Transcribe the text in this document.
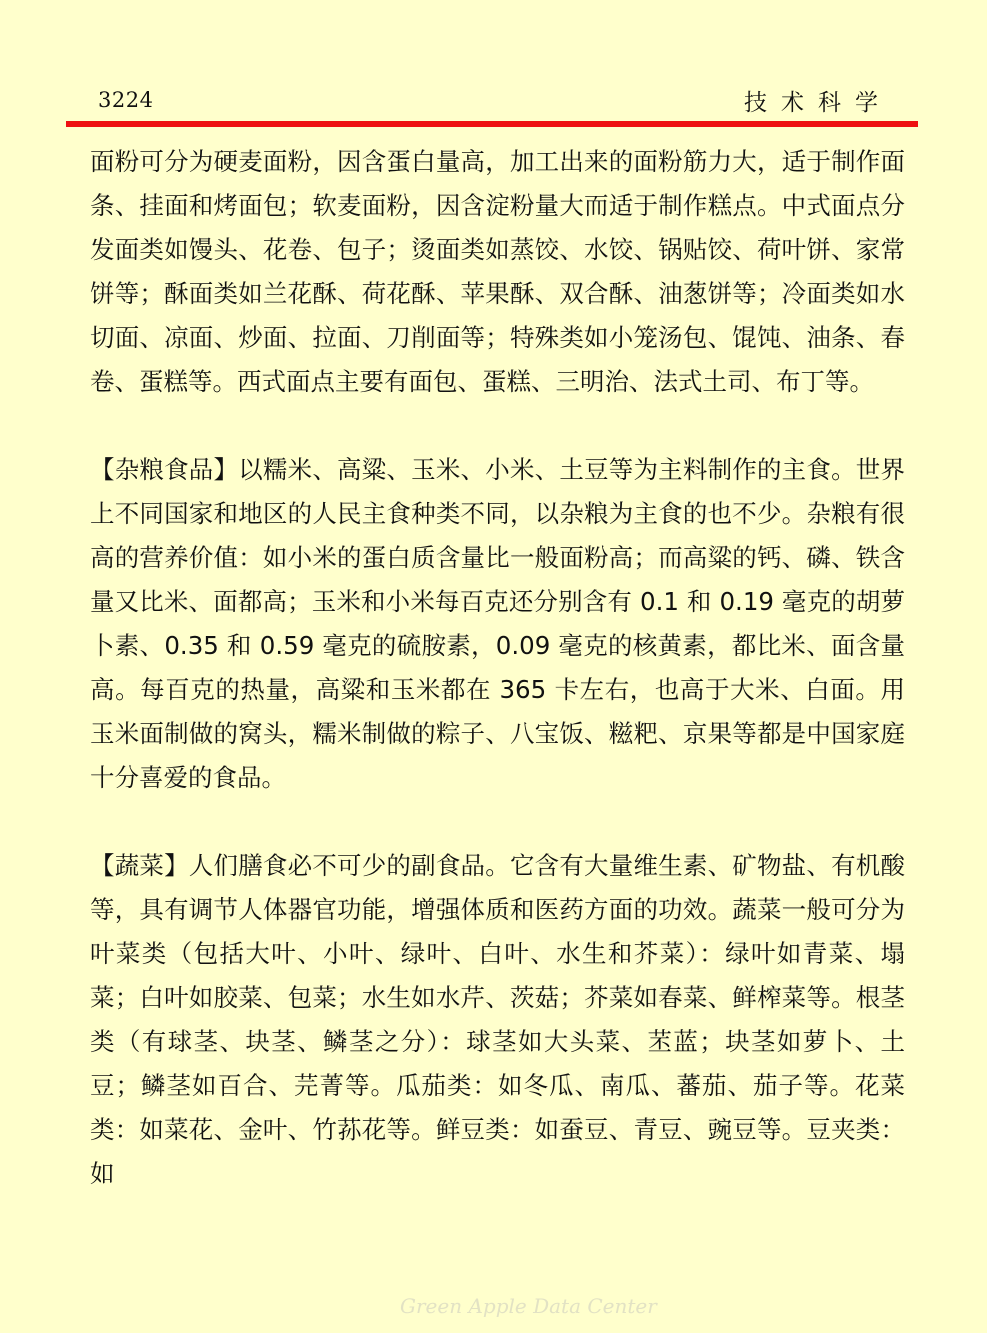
3224	技术科学

面粉可分为硬麦面粉，因含蛋白量高，加工出来的面粉筋力大，适于制作面条、挂面和烤面包；软麦面粉，因含淀粉量大而适于制作糕点。中式面点分发面类如馒头、花卷、包子；烫面类如蒸饺、水饺、锅贴饺、荷叶饼、家常饼等；酥面类如兰花酥、荷花酥、苹果酥、双合酥、油葱饼等；冷面类如水切面、凉面、炒面、拉面、刀削面等；特殊类如小笼汤包、馄饨、油条、春卷、蛋糕等。西式面点主要有面包、蛋糕、三明治、法式土司、布丁等。

【杂粮食品】以糯米、高粱、玉米、小米、土豆等为主料制作的主食。世界上不同国家和地区的人民主食种类不同，以杂粮为主食的也不少。杂粮有很高的营养价值：如小米的蛋白质含量比一般面粉高；而高粱的钙、磷、铁含量又比米、面都高；玉米和小米每百克还分别含有 0.1 和 0.19 毫克的胡萝卜素、0.35 和 0.59 毫克的硫胺素，0.09 毫克的核黄素，都比米、面含量高。每百克的热量，高粱和玉米都在 365 卡左右，也高于大米、白面。用玉米面制做的窝头，糯米制做的粽子、八宝饭、糍粑、京果等都是中国家庭十分喜爱的食品。

【蔬菜】人们膳食必不可少的副食品。它含有大量维生素、矿物盐、有机酸等，具有调节人体器官功能，增强体质和医药方面的功效。蔬菜一般可分为叶菜类（包括大叶、小叶、绿叶、白叶、水生和芥菜）：绿叶如青菜、塌菜；白叶如胶菜、包菜；水生如水芹、茨菇；芥菜如春菜、鲜榨菜等。根茎类（有球茎、块茎、鳞茎之分）：球茎如大头菜、苤蓝；块茎如萝卜、土豆；鳞茎如百合、芫菁等。瓜茄类：如冬瓜、南瓜、蕃茄、茄子等。花菜类：如菜花、金叶、竹荪花等。鲜豆类：如蚕豆、青豆、豌豆等。豆夹类：如

Green Apple Data Center
